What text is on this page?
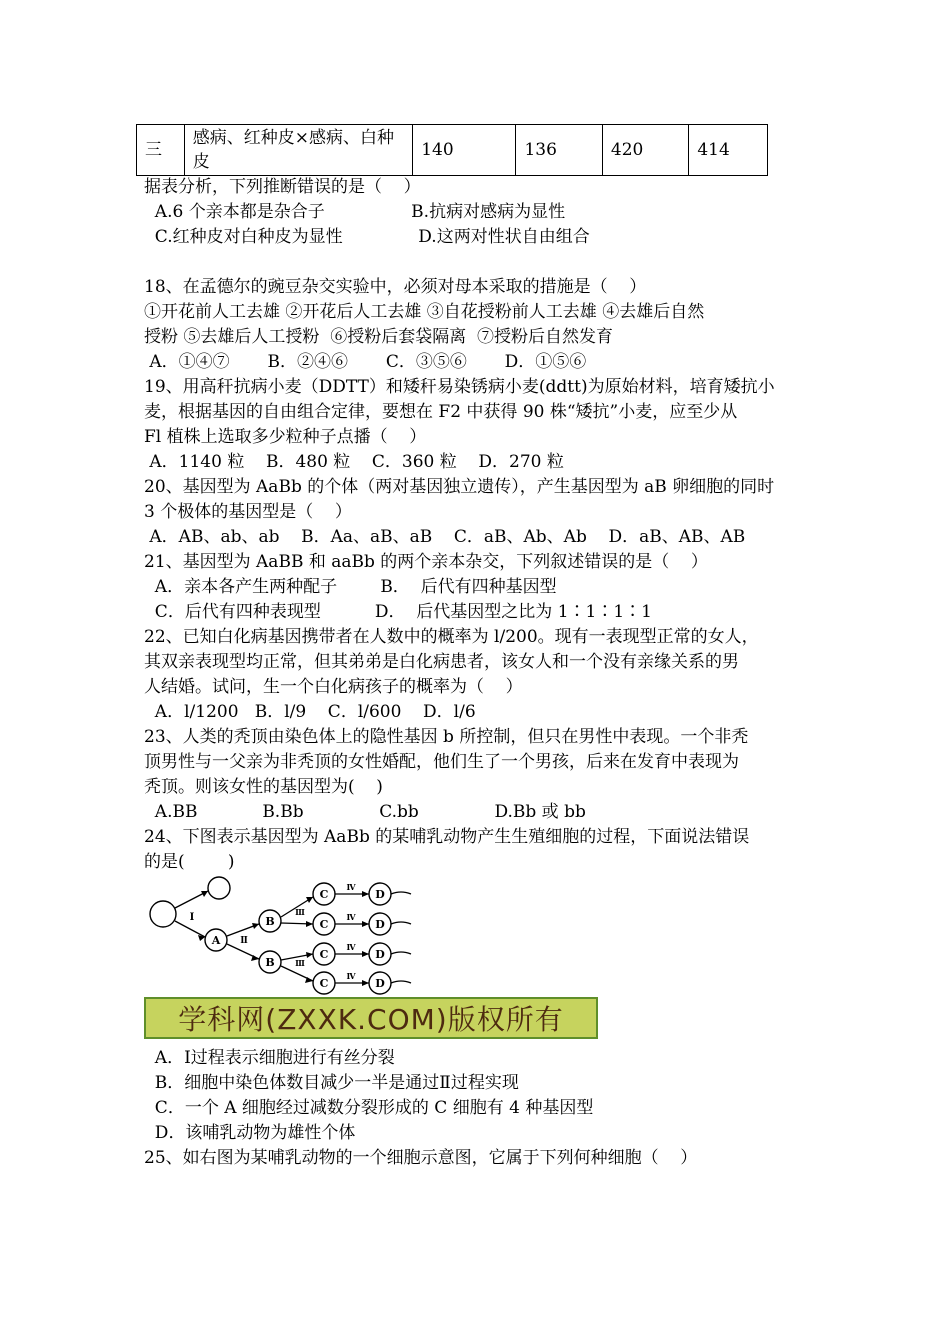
三	感病、红种皮×感病、白种皮	140	136	420	414
据表分析，下列推断错误的是（    ）
A.6 个亲本都是杂合子                B.抗病对感病为显性
C.红种皮对白种皮为显性              D.这两对性状自由组合
18、在孟德尔的豌豆杂交实验中，必须对母本采取的措施是（    ）
①开花前人工去雄 ②开花后人工去雄 ③自花授粉前人工去雄 ④去雄后自然
授粉 ⑤去雄后人工授粉  ⑥授粉后套袋隔离  ⑦授粉后自然发育
A．①④⑦       B．②④⑥       C．③⑤⑥       D．①⑤⑥
19、用高秆抗病小麦（DDTT）和矮秆易染锈病小麦(ddtt)为原始材料，培育矮抗小
麦，根据基因的自由组合定律，要想在 F2 中获得 90 株“矮抗”小麦，应至少从
Fl 植株上选取多少粒种子点播（    ）
A．1140 粒    B．480 粒    C．360 粒    D．270 粒
20、基因型为 AaBb 的个体（两对基因独立遗传），产生基因型为 aB 卵细胞的同时
3 个极体的基因型是（    ）
A．AB、ab、ab    B．Aa、aB、aB    C．aB、Ab、Ab    D．aB、AB、AB
21、基因型为 AaBB 和 aaBb 的两个亲本杂交，下列叙述错误的是（    ）
A．亲本各产生两种配子        B．  后代有四种基因型
C．后代有四种表现型          D．  后代基因型之比为 1∶1∶1∶1
22、已知白化病基因携带者在人数中的概率为 l/200。现有一表现型正常的女人，
其双亲表现型均正常，但其弟弟是白化病患者，该女人和一个没有亲缘关系的男
人结婚。试问，生一个白化病孩子的概率为（    ）
A．l/1200   B．l/9    C．l/600    D．l/6
23、人类的秃顶由染色体上的隐性基因 b 所控制，但只在男性中表现。一个非秃
顶男性与一父亲为非秃顶的女性婚配，他们生了一个男孩，后来在发育中表现为
秃顶。则该女性的基因型为(    )
A.BB            B.Bb              C.bb              D.Bb 或 bb
24、下图表示基因型为 AaBb 的某哺乳动物产生生殖细胞的过程，下面说法错误
的是(        )
A
B
B
C
C
C
C
D
D
D
D
Ⅰ
Ⅱ
Ⅲ
Ⅲ
Ⅳ
Ⅳ
Ⅳ
Ⅳ
学科网(ZXXK.COM)版权所有
A．Ⅰ过程表示细胞进行有丝分裂
B．细胞中染色体数目减少一半是通过Ⅱ过程实现
C．一个 A 细胞经过减数分裂形成的 C 细胞有 4 种基因型
D．该哺乳动物为雄性个体
25、如右图为某哺乳动物的一个细胞示意图，它属于下列何种细胞（    ）
